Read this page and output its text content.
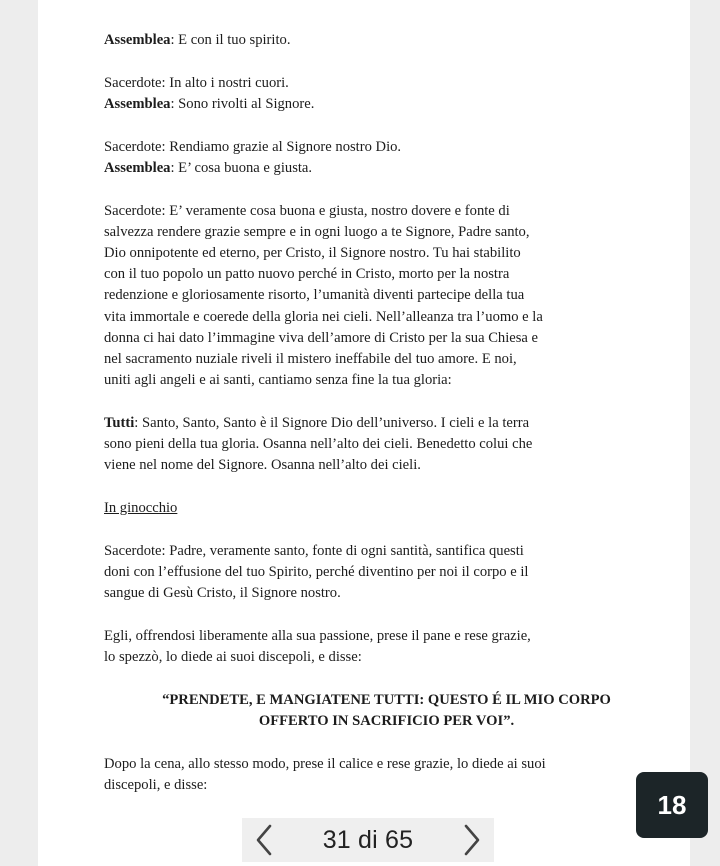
Assemblea: E con il tuo spirito.

Sacerdote: In alto i nostri cuori.
Assemblea: Sono rivolti al Signore.

Sacerdote: Rendiamo grazie al Signore nostro Dio.
Assemblea: E’ cosa buona e giusta.

Sacerdote: E’ veramente cosa buona e giusta, nostro dovere e fonte di
salvezza rendere grazie sempre e in ogni luogo a te Signore, Padre santo,
Dio onnipotente ed eterno, per Cristo, il Signore nostro. Tu hai stabilito
con il tuo popolo un patto nuovo perché in Cristo, morto per la nostra
redenzione e gloriosamente risorto, l’umanità diventi partecipe della tua
vita immortale e coerede della gloria nei cieli. Nell’alleanza tra l’uomo e la
donna ci hai dato l’immagine viva dell’amore di Cristo per la sua Chiesa e
nel sacramento nuziale riveli il mistero ineffabile del tuo amore. E noi,
uniti agli angeli e ai santi, cantiamo senza fine la tua gloria:

Tutti: Santo, Santo, Santo è il Signore Dio dell’universo. I cieli e la terra
sono pieni della tua gloria. Osanna nell’alto dei cieli. Benedetto colui che
viene nel nome del Signore. Osanna nell’alto dei cieli.

In ginocchio

Sacerdote: Padre, veramente santo, fonte di ogni santità, santifica questi
doni con l’effusione del tuo Spirito, perché diventino per noi il corpo e il
sangue di Gesù Cristo, il Signore nostro.

Egli, offrendosi liberamente alla sua passione, prese il pane e rese grazie,
lo spezzò, lo diede ai suoi discepoli, e disse:

“PRENDETE, E MANGIATENE TUTTI: QUESTO É IL MIO CORPO
OFFERTO IN SACRIFICIO PER VOI”.

Dopo la cena, allo stesso modo, prese il calice e rese grazie, lo diede ai suoi
discepoli, e disse:

31 di 65
18
